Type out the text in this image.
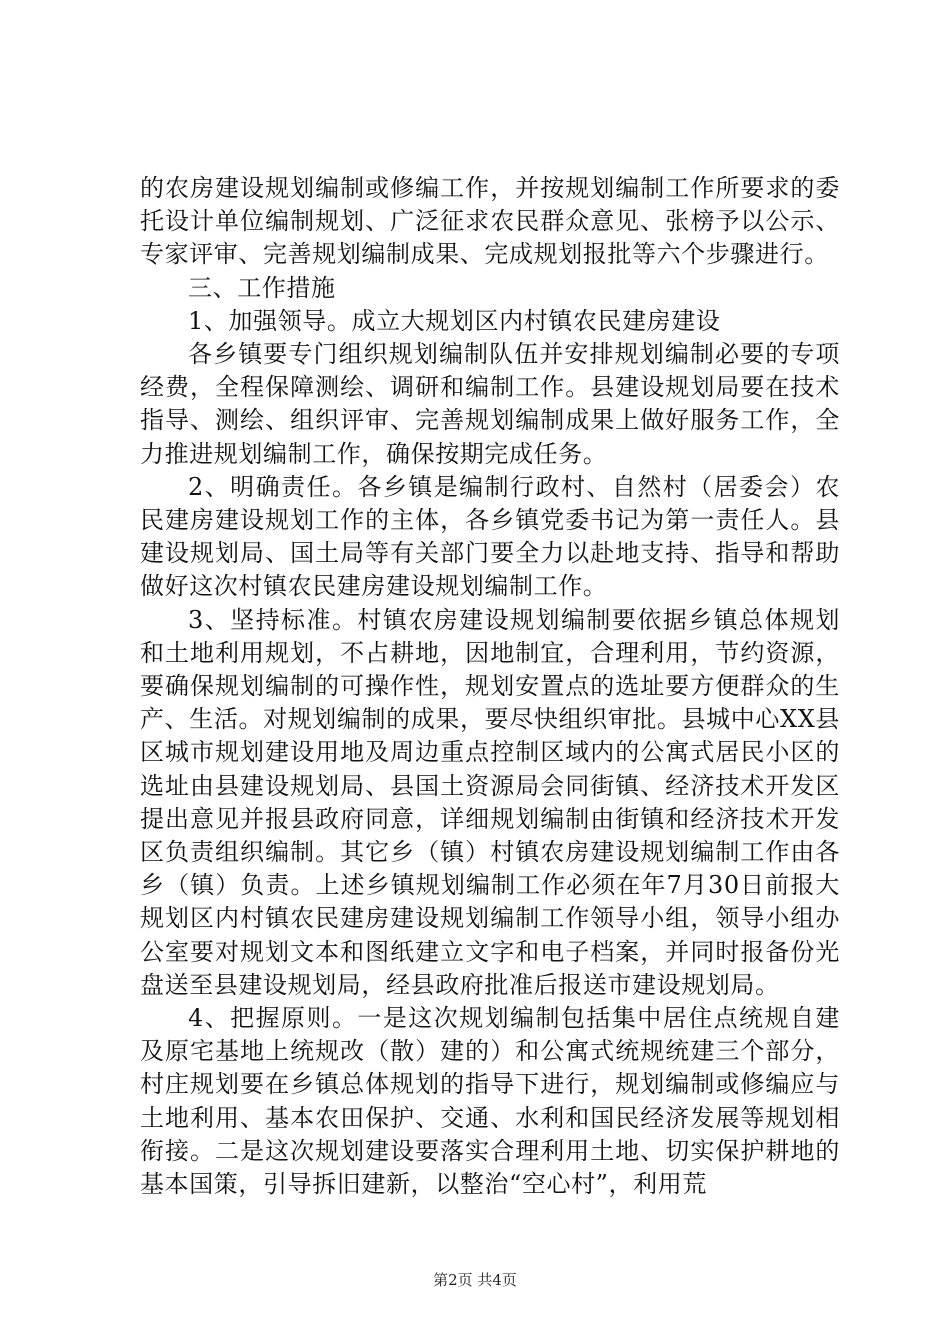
的农房建设规划编制或修编工作，并按规划编制工作所要求的委托设计单位编制规划、广泛征求农民群众意见、张榜予以公示、专家评审、完善规划编制成果、完成规划报批等六个步骤进行。

三、工作措施

1、加强领导。成立大规划区内村镇农民建房建设

各乡镇要专门组织规划编制队伍并安排规划编制必要的专项经费，全程保障测绘、调研和编制工作。县建设规划局要在技术指导、测绘、组织评审、完善规划编制成果上做好服务工作，全力推进规划编制工作，确保按期完成任务。

2、明确责任。各乡镇是编制行政村、自然村（居委会）农民建房建设规划工作的主体，各乡镇党委书记为第一责任人。县建设规划局、国土局等有关部门要全力以赴地支持、指导和帮助做好这次村镇农民建房建设规划编制工作。

3、坚持标准。村镇农房建设规划编制要依据乡镇总体规划和土地利用规划，不占耕地，因地制宜，合理利用，节约资源，要确保规划编制的可操作性，规划安置点的选址要方便群众的生产、生活。对规划编制的成果，要尽快组织审批。县城中心XX县区城市规划建设用地及周边重点控制区域内的公寓式居民小区的选址由县建设规划局、县国土资源局会同街镇、经济技术开发区提出意见并报县政府同意，详细规划编制由街镇和经济技术开发区负责组织编制。其它乡（镇）村镇农房建设规划编制工作由各乡（镇）负责。上述乡镇规划编制工作必须在年7月30日前报大规划区内村镇农民建房建设规划编制工作领导小组，领导小组办公室要对规划文本和图纸建立文字和电子档案，并同时报备份光盘送至县建设规划局，经县政府批准后报送市建设规划局。

4、把握原则。一是这次规划编制包括集中居住点统规自建及原宅基地上统规改（散）建的）和公寓式统规统建三个部分，村庄规划要在乡镇总体规划的指导下进行，规划编制或修编应与土地利用、基本农田保护、交通、水利和国民经济发展等规划相衔接。二是这次规划建设要落实合理利用土地、切实保护耕地的基本国策，引导拆旧建新，以整治“空心村”，利用荒

第2页 共4页
